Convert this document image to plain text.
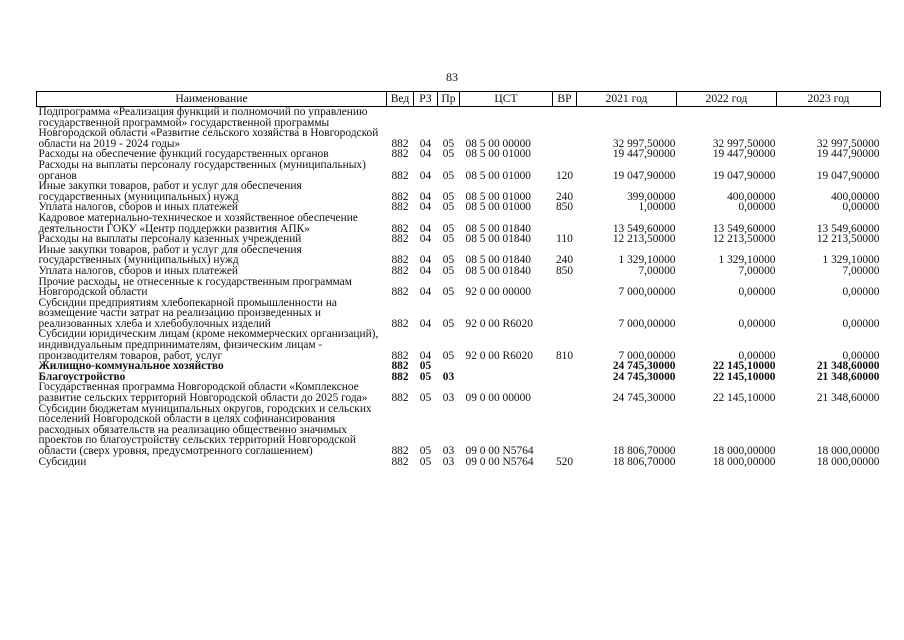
83
Наименование	Вед	РЗ	Пр	ЦСТ	ВР	2021 год	2022 год	2023 год
Подпрограмма «Реализация функций и полномочий по управлению государственной программой» государственной программы Новгородской области «Развитие сельского хозяйства в Новгородской области на 2019 - 2024 годы»	882	04	05	08 5 00 00000		32 997,50000	32 997,50000	32 997,50000
Расходы на обеспечение функций государственных органов	882	04	05	08 5 00 01000		19 447,90000	19 447,90000	19 447,90000
Расходы на выплаты персоналу государственных (муниципальных) органов	882	04	05	08 5 00 01000	120	19 047,90000	19 047,90000	19 047,90000
Иные закупки товаров, работ и услуг для обеспечения государственных (муниципальных) нужд	882	04	05	08 5 00 01000	240	399,00000	400,00000	400,00000
Уплата налогов, сборов и иных платежей	882	04	05	08 5 00 01000	850	1,00000	0,00000	0,00000
Кадровое материально-техническое и хозяйственное обеспечение деятельности ГОКУ «Центр поддержки развития АПК»	882	04	05	08 5 00 01840		13 549,60000	13 549,60000	13 549,60000
Расходы на выплаты персоналу казенных учреждений	882	04	05	08 5 00 01840	110	12 213,50000	12 213,50000	12 213,50000
Иные закупки товаров, работ и услуг для обеспечения государственных (муниципальных) нужд	882	04	05	08 5 00 01840	240	1 329,10000	1 329,10000	1 329,10000
Уплата налогов, сборов и иных платежей	882	04	05	08 5 00 01840	850	7,00000	7,00000	7,00000
Прочие расходы, не отнесенные к государственным программам Новгородской области	882	04	05	92 0 00 00000		7 000,00000	0,00000	0,00000
Субсидии предприятиям хлебопекарной промышленности на возмещение части затрат на реализацию произведенных и реализованных хлеба и хлебобулочных изделий	882	04	05	92 0 00 R6020		7 000,00000	0,00000	0,00000
Субсидии юридическим лицам (кроме некоммерческих организаций), индивидуальным предпринимателям, физическим лицам - производителям товаров, работ, услуг	882	04	05	92 0 00 R6020	810	7 000,00000	0,00000	0,00000
Жилищно-коммунальное хозяйство	882	05				24 745,30000	22 145,10000	21 348,60000
Благоустройство	882	05	03			24 745,30000	22 145,10000	21 348,60000
Государственная программа Новгородской области «Комплексное развитие сельских территорий Новгородской области до 2025 года»	882	05	03	09 0 00 00000		24 745,30000	22 145,10000	21 348,60000
Субсидии бюджетам муниципальных округов, городских и сельских поселений Новгородской области в целях софинансирования расходных обязательств на реализацию общественно значимых проектов по благоустройству сельских территорий Новгородской области (сверх уровня, предусмотренного соглашением)	882	05	03	09 0 00 N5764		18 806,70000	18 000,00000	18 000,00000
Субсидии	882	05	03	09 0 00 N5764	520	18 806,70000	18 000,00000	18 000,00000
